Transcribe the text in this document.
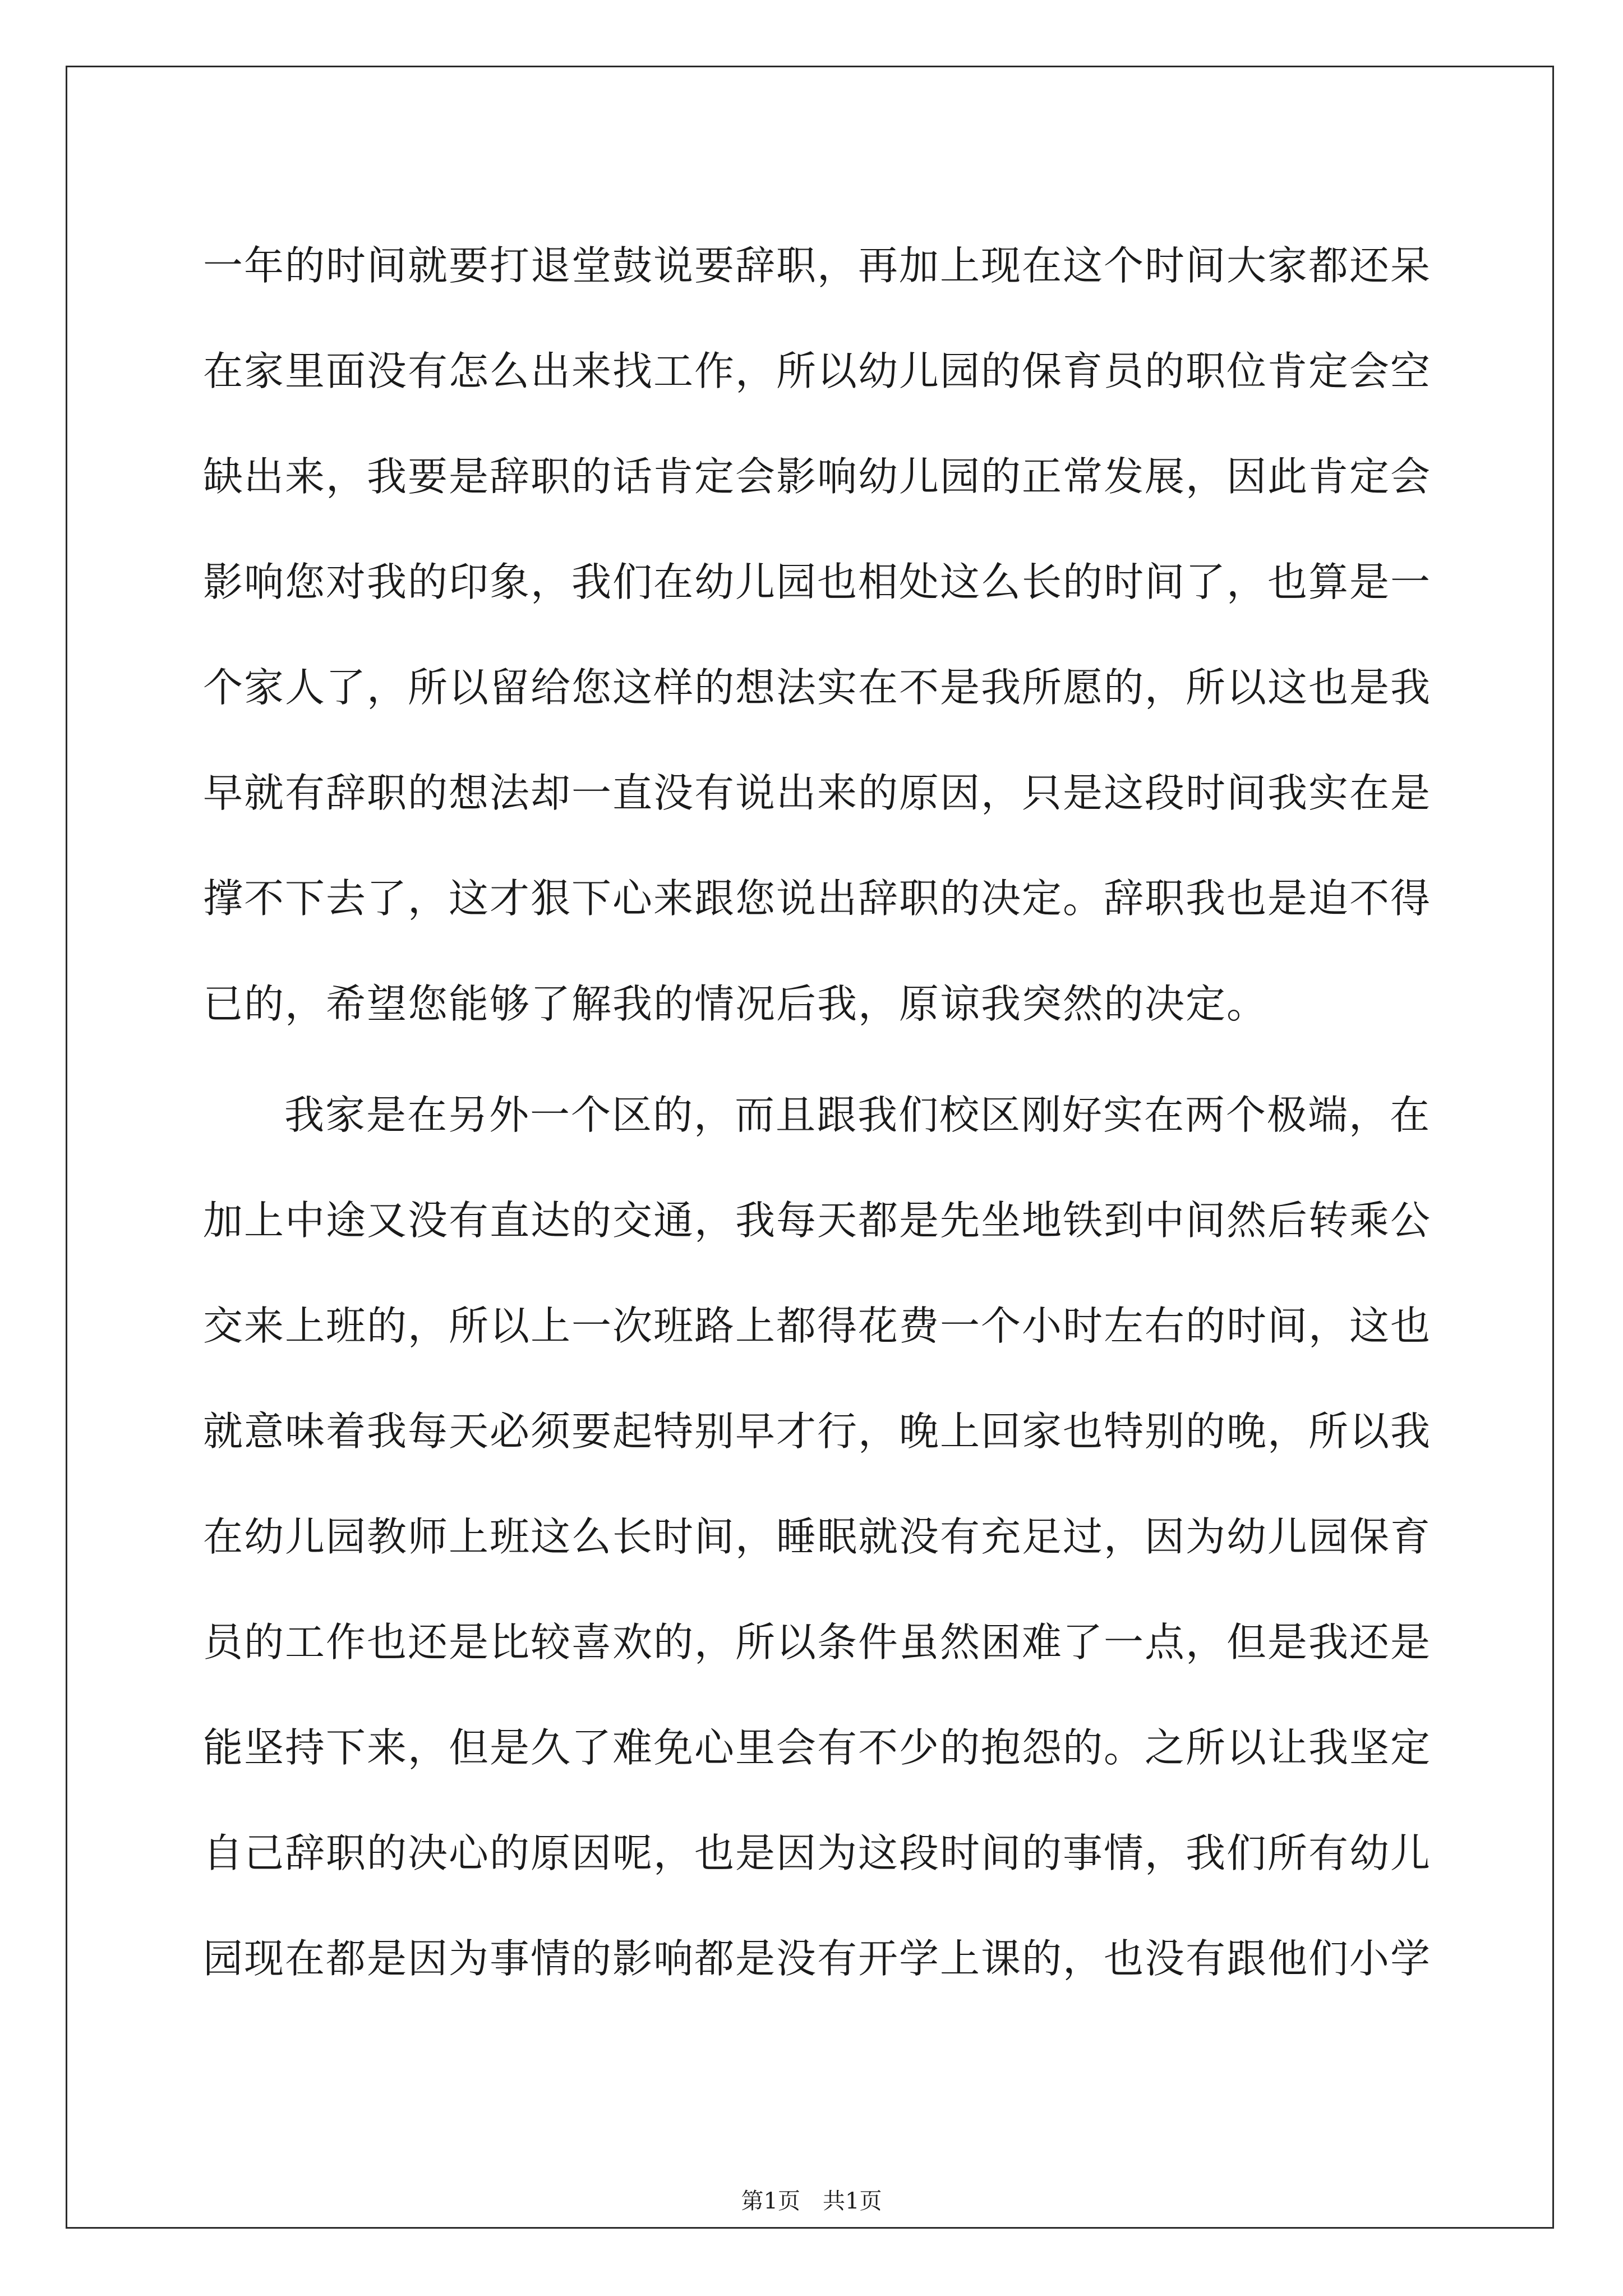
一年的时间就要打退堂鼓说要辞职，再加上现在这个时间大家都还呆
在家里面没有怎么出来找工作，所以幼儿园的保育员的职位肯定会空
缺出来，我要是辞职的话肯定会影响幼儿园的正常发展，因此肯定会
影响您对我的印象，我们在幼儿园也相处这么长的时间了，也算是一
个家人了，所以留给您这样的想法实在不是我所愿的，所以这也是我
早就有辞职的想法却一直没有说出来的原因，只是这段时间我实在是
撑不下去了，这才狠下心来跟您说出辞职的决定。辞职我也是迫不得
已的，希望您能够了解我的情况后我，原谅我突然的决定。
我家是在另外一个区的，而且跟我们校区刚好实在两个极端，在
加上中途又没有直达的交通，我每天都是先坐地铁到中间然后转乘公
交来上班的，所以上一次班路上都得花费一个小时左右的时间，这也
就意味着我每天必须要起特别早才行，晚上回家也特别的晚，所以我
在幼儿园教师上班这么长时间，睡眠就没有充足过，因为幼儿园保育
员的工作也还是比较喜欢的，所以条件虽然困难了一点，但是我还是
能坚持下来，但是久了难免心里会有不少的抱怨的。之所以让我坚定
自己辞职的决心的原因呢，也是因为这段时间的事情，我们所有幼儿
园现在都是因为事情的影响都是没有开学上课的，也没有跟他们小学
第1页 共1页
